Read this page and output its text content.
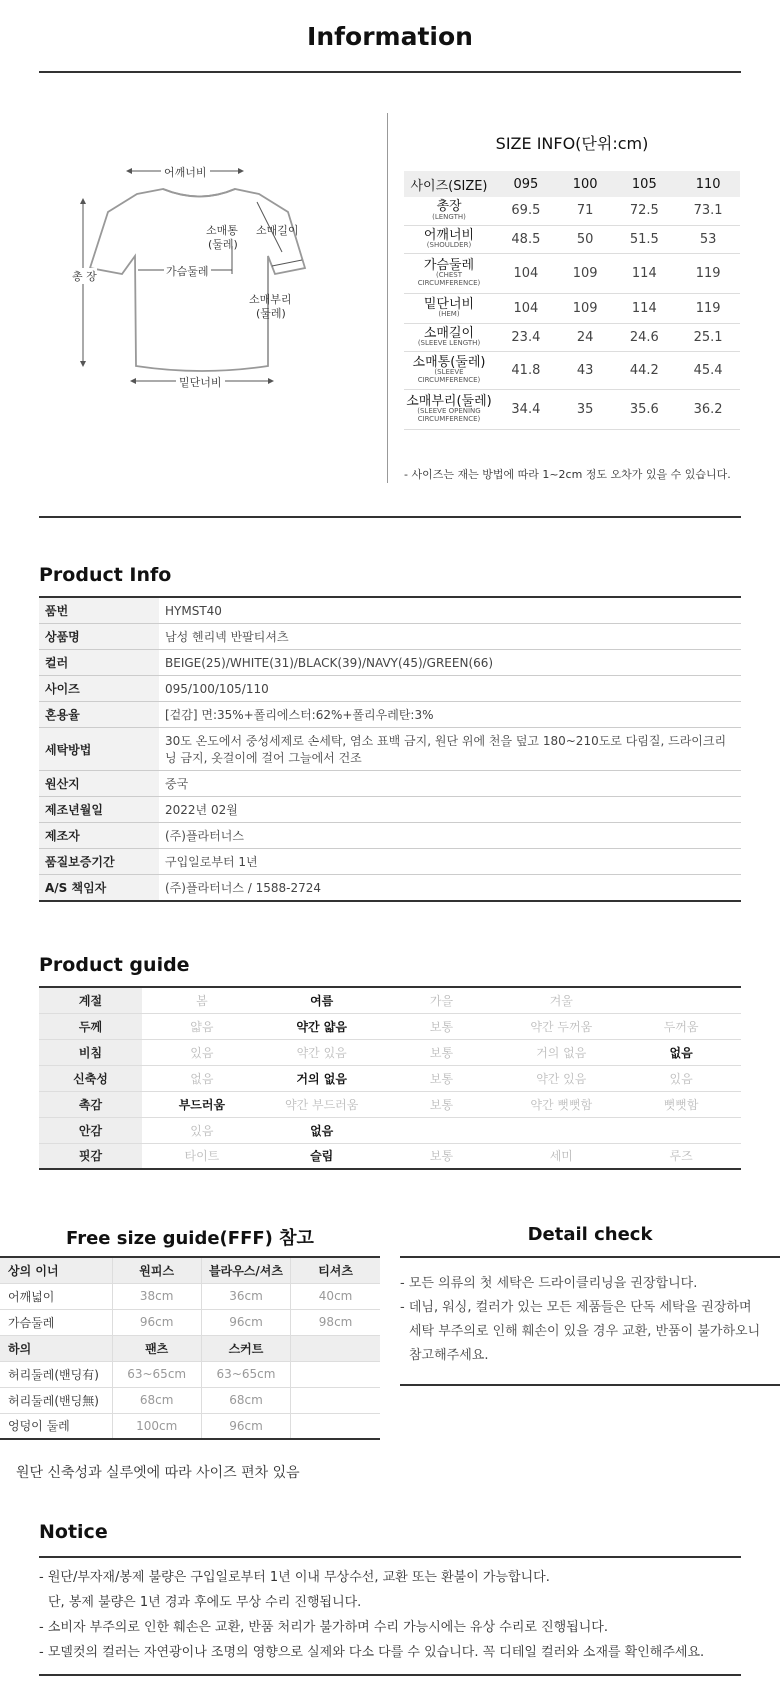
Information
어깨너비
총 장
소매통
(둘레)
소매길이
가슴둘레
소매부리
(둘레)
밑단너비
SIZE INFO(단위:cm)
사이즈(SIZE)	095	100	105	110

총장
(LENGTH)	69.5	71	72.5	73.1

어깨너비
(SHOULDER)	48.5	50	51.5	53

가슴둘레
(CHEST CIRCUMFERENCE)	104	109	114	119

밑단너비
(HEM)	104	109	114	119

소매길이
(SLEEVE LENGTH)	23.4	24	24.6	25.1

소매통(둘레)
(SLEEVE CIRCUMFERENCE)	41.8	43	44.2	45.4

소매부리(둘레)
(SLEEVE OPENING CIRCUMFERENCE)	34.4	35	35.6	36.2
- 사이즈는 재는 방법에 따라 1~2cm 정도 오차가 있을 수 있습니다.
Product Info
품번	HYMST40
상품명	남성 헨리넥 반팔티셔츠
컬러	BEIGE(25)/WHITE(31)/BLACK(39)/NAVY(45)/GREEN(66)
사이즈	095/100/105/110
혼용율	[겉감] 면:35%+폴리에스터:62%+폴리우레탄:3%
세탁방법	30도 온도에서 중성세제로 손세탁, 염소 표백 금지, 원단 위에 천을 덮고 180~210도로 다림질, 드라이크리닝 금지, 옷걸이에 걸어 그늘에서 건조
원산지	중국
제조년월일	2022년 02월
제조자	(주)플라터너스
품질보증기간	구입일로부터 1년
A/S 책임자	(주)플라터너스 / 1588-2724
Product guide
계절	봄	여름	가을	겨울	
두께	얇음	약간 얇음	보통	약간 두꺼움	두꺼움
비침	있음	약간 있음	보통	거의 없음	없음
신축성	없음	거의 없음	보통	약간 있음	있음
촉감	부드러움	약간 부드러움	보통	약간 뻣뻣함	뻣뻣함
안감	있음	없음			
핏감	타이트	슬림	보통	세미	루즈
Free size guide(FFF) 참고
상의 이너	원피스	블라우스/셔츠	티셔츠
어깨넓이	38cm	36cm	40cm
가슴둘레	96cm	96cm	98cm
하의	팬츠	스커트	
허리둘레(밴딩有)	63~65cm	63~65cm	
허리둘레(밴딩無)	68cm	68cm	
엉덩이 둘레	100cm	96cm	
원단 신축성과 실루엣에 따라 사이즈 편차 있음
Detail check

- 모든 의류의 첫 세탁은 드라이클리닝을 권장합니다.

- 데님, 워싱, 컬러가 있는 모든 제품들은 단독 세탁을 권장하며

세탁 부주의로 인해 훼손이 있을 경우 교환, 반품이 불가하오니

참고해주세요.

Notice

- 원단/부자재/봉제 불량은 구입일로부터 1년 이내 무상수선, 교환 또는 환불이 가능합니다.

단, 봉제 불량은 1년 경과 후에도 무상 수리 진행됩니다.

- 소비자 부주의로 인한 훼손은 교환, 반품 처리가 불가하며 수리 가능시에는 유상 수리로 진행됩니다.

- 모델컷의 컬러는 자연광이나 조명의 영향으로 실제와 다소 다를 수 있습니다. 꼭 디테일 컬러와 소재를 확인해주세요.
